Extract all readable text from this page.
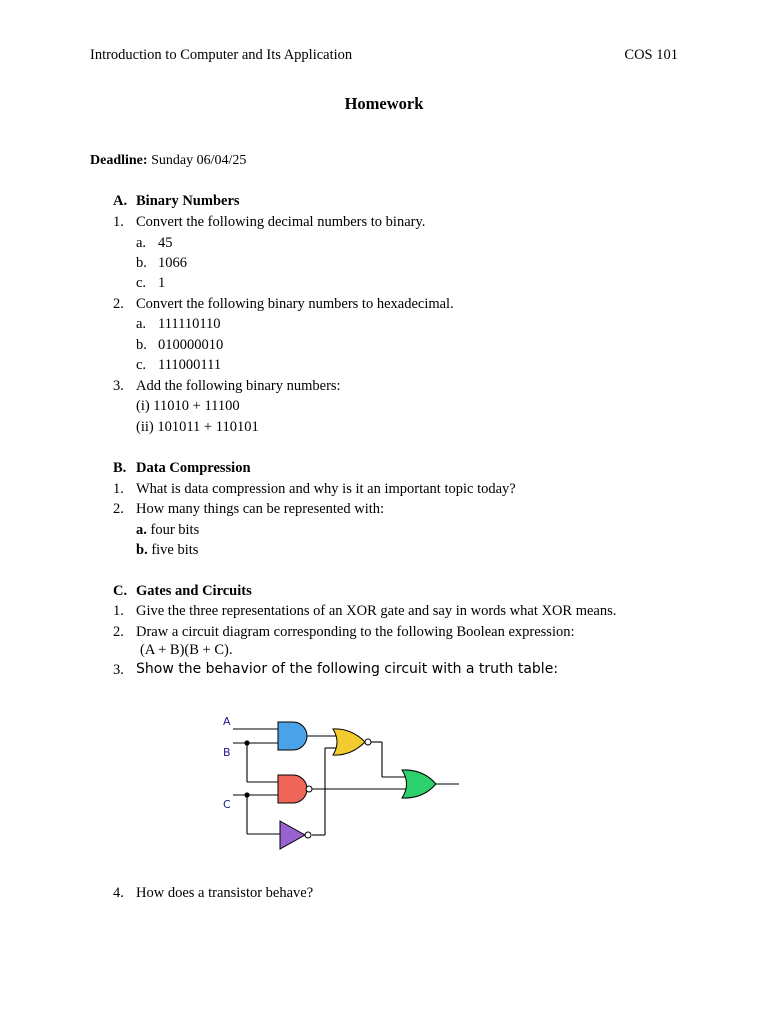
Introduction to Computer and Its Application	COS 101
Homework
Deadline: Sunday 06/04/25
A. Binary Numbers
1. Convert the following decimal numbers to binary.
a. 45
b. 1066
c. 1
2. Convert the following binary numbers to hexadecimal.
a. 111110110
b. 010000010
c. 111000111
3. Add the following binary numbers:
(i) 11010 + 11100
(ii) 101011 + 110101
B. Data Compression
1. What is data compression and why is it an important topic today?
2. How many things can be represented with:
a. four bits
b. five bits
C. Gates and Circuits
1. Give the three representations of an XOR gate and say in words what XOR means.
2. Draw a circuit diagram corresponding to the following Boolean expression:
(A + B)(B + C).
3. Show the behavior of the following circuit with a truth table:
A
B
C
4. How does a transistor behave?
